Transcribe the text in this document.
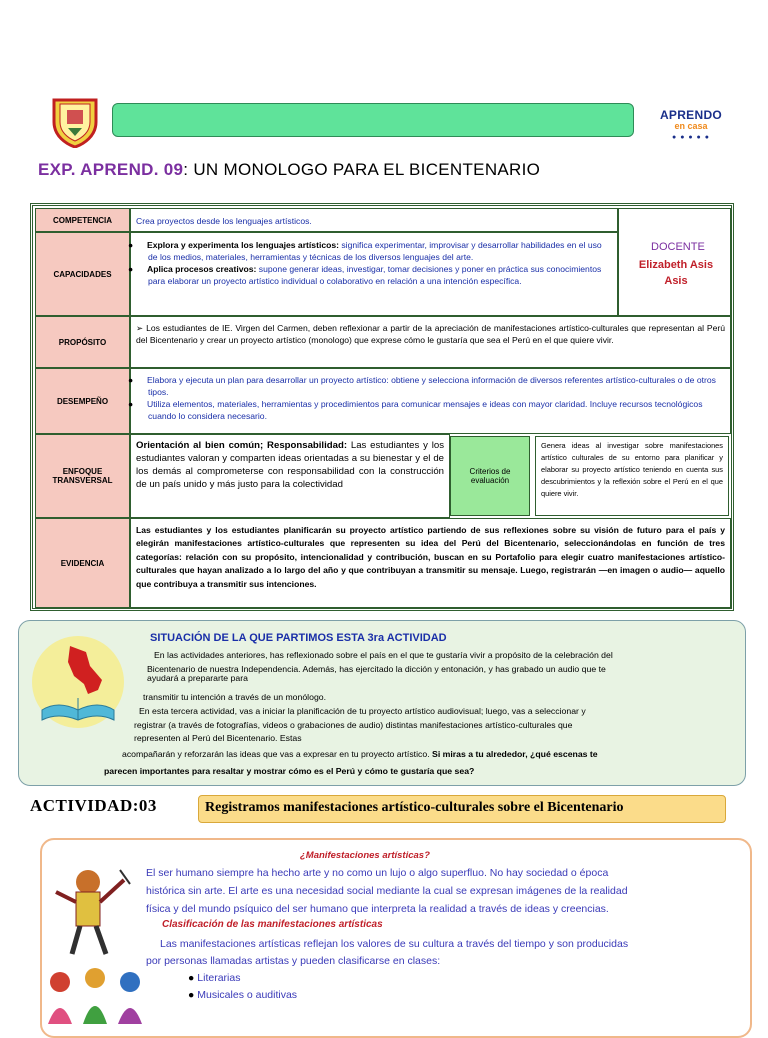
APRENDO
en casa
● ● ● ● ●
EXP. APREND. 09: UN MONOLOGO PARA EL BICENTENARIO
COMPETENCIA	Crea proyectos desde los lenguajes artísticos.
DOCENTE
Elizabeth Asis Asis
CAPACIDADES
● Explora y experimenta los lenguajes artísticos: significa experimentar, improvisar y desarrollar habilidades en el uso de los medios, materiales, herramientas y técnicas de los diversos lenguajes del arte.
● Aplica procesos creativos: supone generar ideas, investigar, tomar decisiones y poner en práctica sus conocimientos para elaborar un proyecto artístico individual o colaborativo en relación a una intención específica.
PROPÓSITO
➢ Los estudiantes de IE. Virgen del Carmen, deben reflexionar a partir de la apreciación de manifestaciones artístico-culturales que representan al Perú del Bicentenario y crear un proyecto artístico (monologo) que exprese cómo le gustaría que sea el Perú en el que quiere vivir.
DESEMPEÑO
● Elabora y ejecuta un plan para desarrollar un proyecto artístico: obtiene y selecciona información de diversos referentes artístico-culturales o de otros tipos.
● Utiliza elementos, materiales, herramientas y procedimientos para comunicar mensajes e ideas con mayor claridad. Incluye recursos tecnológicos cuando lo considera necesario.
ENFOQUE TRANSVERSAL
Orientación al bien común; Responsabilidad: Las estudiantes y los estudiantes valoran y comparten ideas orientadas a su bienestar y el de los demás al comprometerse con responsabilidad con la construcción de un país unido y más justo para la colectividad
Criterios de evaluación
Genera ideas al investigar sobre manifestaciones artístico culturales de su entorno para planificar y elaborar su proyecto artístico teniendo en cuenta sus descubrimientos y la reflexión sobre el Perú en el que quiere vivir.
EVIDENCIA
Las estudiantes y los estudiantes planificarán su proyecto artístico partiendo de sus reflexiones sobre su visión de futuro para el país y elegirán manifestaciones artístico-culturales que representen su idea del Perú del Bicentenario, seleccionándolas en función de tres categorías: relación con su propósito, intencionalidad y contribución, buscan en su Portafolio para elegir cuatro manifestaciones artístico-culturales que hayan analizado a lo largo del año y que contribuyan a transmitir su mensaje. Luego, registrarán —en imagen o audio— aquello que contribuya a transmitir sus intenciones.
SITUACIÓN DE LA QUE PARTIMOS ESTA 3ra ACTIVIDAD
En las actividades anteriores, has reflexionado sobre el país en el que te gustaría vivir a propósito de la celebración del
Bicentenario de nuestra Independencia. Además, has ejercitado la dicción y entonación, y has grabado un audio que te
ayudará a prepararte para
transmitir tu intención a través de un monólogo.
En esta tercera actividad, vas a iniciar la planificación de tu proyecto artístico audiovisual; luego, vas a seleccionar y
registrar (a través de fotografías, videos o grabaciones de audio) distintas manifestaciones artístico-culturales que
representen al Perú del Bicentenario. Estas
acompañarán y reforzarán las ideas que vas a expresar en tu proyecto artístico. Si miras a tu alrededor, ¿qué escenas te
parecen importantes para resaltar y mostrar cómo es el Perú y cómo te gustaría que sea?
ACTIVIDAD:03	Registramos manifestaciones artístico-culturales sobre el Bicentenario
¿Manifestaciones artísticas?
El ser humano siempre ha hecho arte y no como un lujo o algo superfluo. No hay sociedad o época
histórica sin arte. El arte es una necesidad social mediante la cual se expresan imágenes de la realidad
física y del mundo psíquico del ser humano que interpreta la realidad a través de ideas y creencias.
Clasificación de las manifestaciones artísticas
Las manifestaciones artísticas reflejan los valores de su cultura a través del tiempo y son producidas
por personas llamadas artistas y pueden clasificarse en clases:
● Literarias
● Musicales o auditivas
